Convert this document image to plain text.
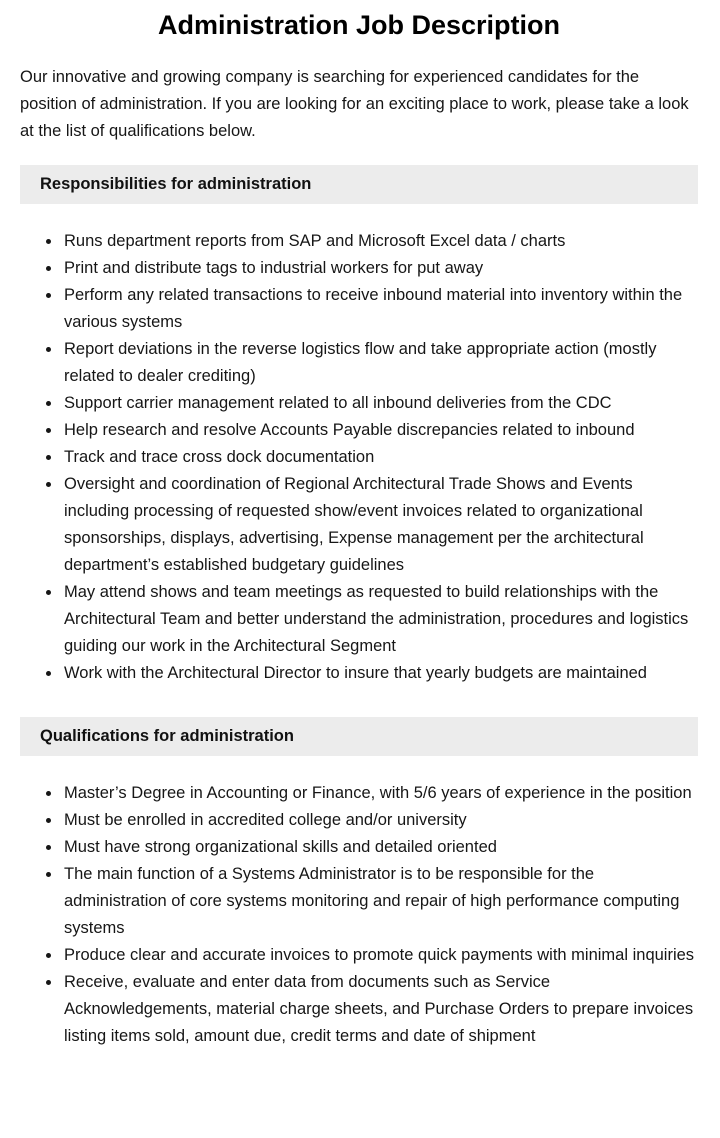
Administration Job Description

Our innovative and growing company is searching for experienced candidates for the position of administration. If you are looking for an exciting place to work, please take a look at the list of qualifications below.

Responsibilities for administration
• Runs department reports from SAP and Microsoft Excel data / charts
• Print and distribute tags to industrial workers for put away
• Perform any related transactions to receive inbound material into inventory within the various systems
• Report deviations in the reverse logistics flow and take appropriate action (mostly related to dealer crediting)
• Support carrier management related to all inbound deliveries from the CDC
• Help research and resolve Accounts Payable discrepancies related to inbound
• Track and trace cross dock documentation
• Oversight and coordination of Regional Architectural Trade Shows and Events including processing of requested show/event invoices related to organizational sponsorships, displays, advertising, Expense management per the architectural department’s established budgetary guidelines
• May attend shows and team meetings as requested to build relationships with the Architectural Team and better understand the administration, procedures and logistics guiding our work in the Architectural Segment
• Work with the Architectural Director to insure that yearly budgets are maintained
Qualifications for administration
• Master’s Degree in Accounting or Finance, with 5/6 years of experience in the position
• Must be enrolled in accredited college and/or university
• Must have strong organizational skills and detailed oriented
• The main function of a Systems Administrator is to be responsible for the administration of core systems monitoring and repair of high performance computing systems
• Produce clear and accurate invoices to promote quick payments with minimal inquiries
• Receive, evaluate and enter data from documents such as Service Acknowledgements, material charge sheets, and Purchase Orders to prepare invoices listing items sold, amount due, credit terms and date of shipment
